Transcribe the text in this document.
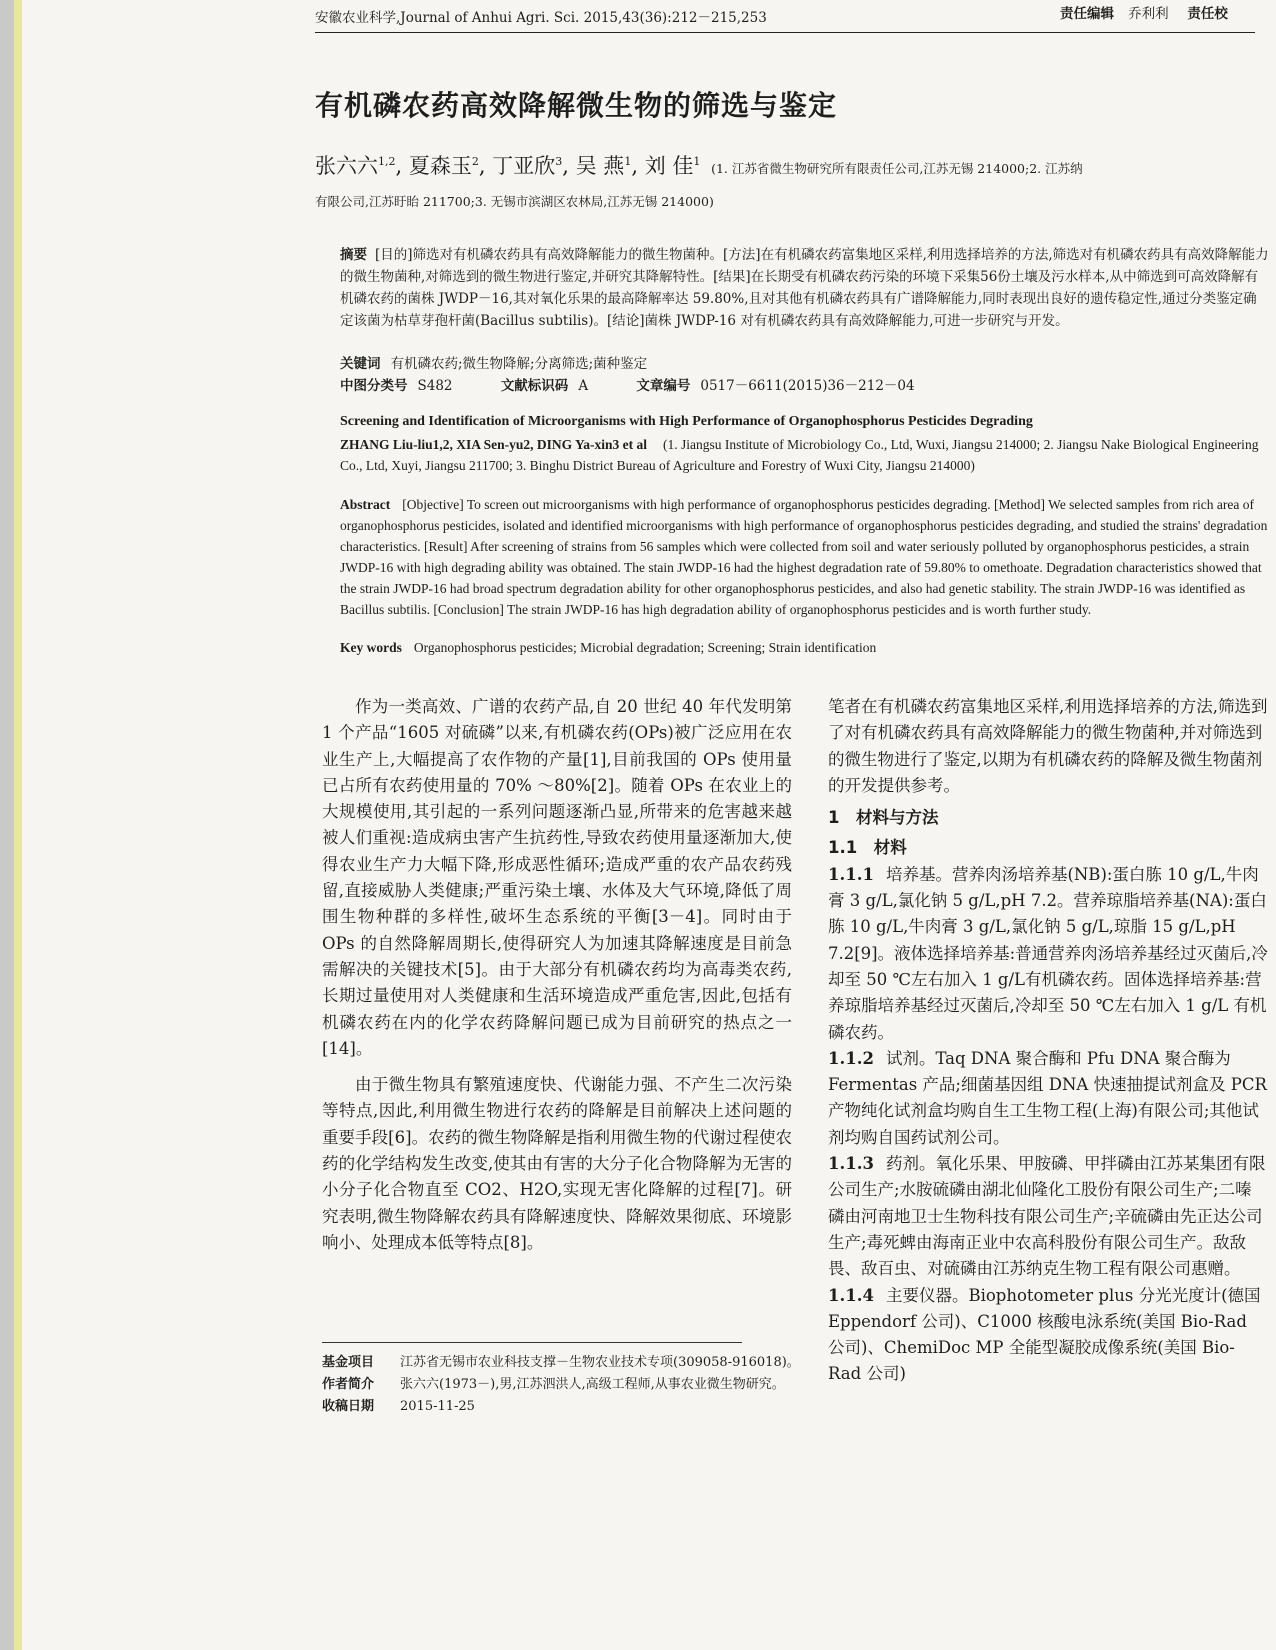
安徽农业科学,Journal of Anhui Agri. Sci. 2015,43(36):212－215,253	责任编辑 乔利利 责任校
有机磷农药高效降解微生物的筛选与鉴定
张六六$^{1,2}$, 夏森玉$^2$, 丁亚欣$^3$, 吴 燕$^1$, 刘 佳$^1$ (1. 江苏省微生物研究所有限责任公司,江苏无锡 214000;2. 江苏纳
有限公司,江苏盱眙 211700;3. 无锡市滨湖区农林局,江苏无锡 214000)
摘要 [目的]筛选对有机磷农药具有高效降解能力的微生物菌种。[方法]在有机磷农药富集地区采样,利用选择培养的方法,筛选对有机磷农药具有高效降解能力的微生物菌种,对筛选到的微生物进行鉴定,并研究其降解特性。[结果]在长期受有机磷农药污染的环境下采集56份土壤及污水样本,从中筛选到可高效降解有机磷农药的菌株 JWDP－16,其对氧化乐果的最高降解率达 59.80%,且对其他有机磷农药具有广谱降解能力,同时表现出良好的遗传稳定性,通过分类鉴定确定该菌为枯草芽孢杆菌(Bacillus subtilis)。[结论]菌株 JWDP-16 对有机磷农药具有高效降解能力,可进一步研究与开发。
关键词 有机磷农药;微生物降解;分离筛选;菌种鉴定
中图分类号 S482	文献标识码 A	文章编号 0517－6611(2015)36－212－04
Screening and Identification of Microorganisms with High Performance of Organophosphorus Pesticides Degrading
ZHANG Liu-liu1,2, XIA Sen-yu2, DING Ya-xin3 et al (1. Jiangsu Institute of Microbiology Co., Ltd, Wuxi, Jiangsu 214000; 2. Jiangsu Nake Biological Engineering Co., Ltd, Xuyi, Jiangsu 211700; 3. Binghu District Bureau of Agriculture and Forestry of Wuxi City, Jiangsu 214000)
Abstract [Objective] To screen out microorganisms with high performance of organophosphorus pesticides degrading. [Method] We selected samples from rich area of organophosphorus pesticides, isolated and identified microorganisms with high performance of organophosphorus pesticides degrading, and studied the strains' degradation characteristics. [Result] After screening of strains from 56 samples which were collected from soil and water seriously polluted by organophosphorus pesticides, a strain JWDP-16 with high degrading ability was obtained. The stain JWDP-16 had the highest degradation rate of 59.80% to omethoate. Degradation characteristics showed that the strain JWDP-16 had broad spectrum degradation ability for other organophosphorus pesticides, and also had genetic stability. The strain JWDP-16 was identified as Bacillus subtilis. [Conclusion] The strain JWDP-16 has high degradation ability of organophosphorus pesticides and is worth further study.
Key words Organophosphorus pesticides; Microbial degradation; Screening; Strain identification

作为一类高效、广谱的农药产品,自 20 世纪 40 年代发明第 1 个产品“1605 对硫磷”以来,有机磷农药(OPs)被广泛应用在农业生产上,大幅提高了农作物的产量[1],目前我国的 OPs 使用量已占所有农药使用量的 70% ～80%[2]。随着 OPs 在农业上的大规模使用,其引起的一系列问题逐渐凸显,所带来的危害越来越被人们重视:造成病虫害产生抗药性,导致农药使用量逐渐加大,使得农业生产力大幅下降,形成恶性循环;造成严重的农产品农药残留,直接威胁人类健康;严重污染土壤、水体及大气环境,降低了周围生物种群的多样性,破坏生态系统的平衡[3－4]。同时由于 OPs 的自然降解周期长,使得研究人为加速其降解速度是目前急需解决的关键技术[5]。由于大部分有机磷农药均为高毒类农药,长期过量使用对人类健康和生活环境造成严重危害,因此,包括有机磷农药在内的化学农药降解问题已成为目前研究的热点之一[14]。

由于微生物具有繁殖速度快、代谢能力强、不产生二次污染等特点,因此,利用微生物进行农药的降解是目前解决上述问题的重要手段[6]。农药的微生物降解是指利用微生物的代谢过程使农药的化学结构发生改变,使其由有害的大分子化合物降解为无害的小分子化合物直至 CO2、H2O,实现无害化降解的过程[7]。研究表明,微生物降解农药具有降解速度快、降解效果彻底、环境影响小、处理成本低等特点[8]。

笔者在有机磷农药富集地区采样,利用选择培养的方法,筛选到了对有机磷农药具有高效降解能力的微生物菌种,并对筛选到的微生物进行了鉴定,以期为有机磷农药的降解及微生物菌剂的开发提供参考。

1　材料与方法

1.1　材料

1.1.1 培养基。营养肉汤培养基(NB):蛋白胨 10 g/L,牛肉膏 3 g/L,氯化钠 5 g/L,pH 7.2。营养琼脂培养基(NA):蛋白胨 10 g/L,牛肉膏 3 g/L,氯化钠 5 g/L,琼脂 15 g/L,pH 7.2[9]。液体选择培养基:普通营养肉汤培养基经过灭菌后,冷却至 50 ℃左右加入 1 g/L有机磷农药。固体选择培养基:营养琼脂培养基经过灭菌后,冷却至 50 ℃左右加入 1 g/L 有机磷农药。

1.1.2 试剂。Taq DNA 聚合酶和 Pfu DNA 聚合酶为 Fermentas 产品;细菌基因组 DNA 快速抽提试剂盒及 PCR 产物纯化试剂盒均购自生工生物工程(上海)有限公司;其他试剂均购自国药试剂公司。

1.1.3 药剂。氧化乐果、甲胺磷、甲拌磷由江苏某集团有限公司生产;水胺硫磷由湖北仙隆化工股份有限公司生产;二嗪磷由河南地卫士生物科技有限公司生产;辛硫磷由先正达公司生产;毒死蜱由海南正业中农高科股份有限公司生产。敌敌畏、敌百虫、对硫磷由江苏纳克生物工程有限公司惠赠。

1.1.4 主要仪器。Biophotometer plus 分光光度计(德国 Eppendorf 公司)、C1000 核酸电泳系统(美国 Bio-Rad 公司)、ChemiDoc MP 全能型凝胶成像系统(美国 Bio-Rad 公司)

基金项目	江苏省无锡市农业科技支撑－生物农业技术专项(309058-916018)。
作者简介	张六六(1973－),男,江苏泗洪人,高级工程师,从事农业微生物研究。
收稿日期	2015-11-25
